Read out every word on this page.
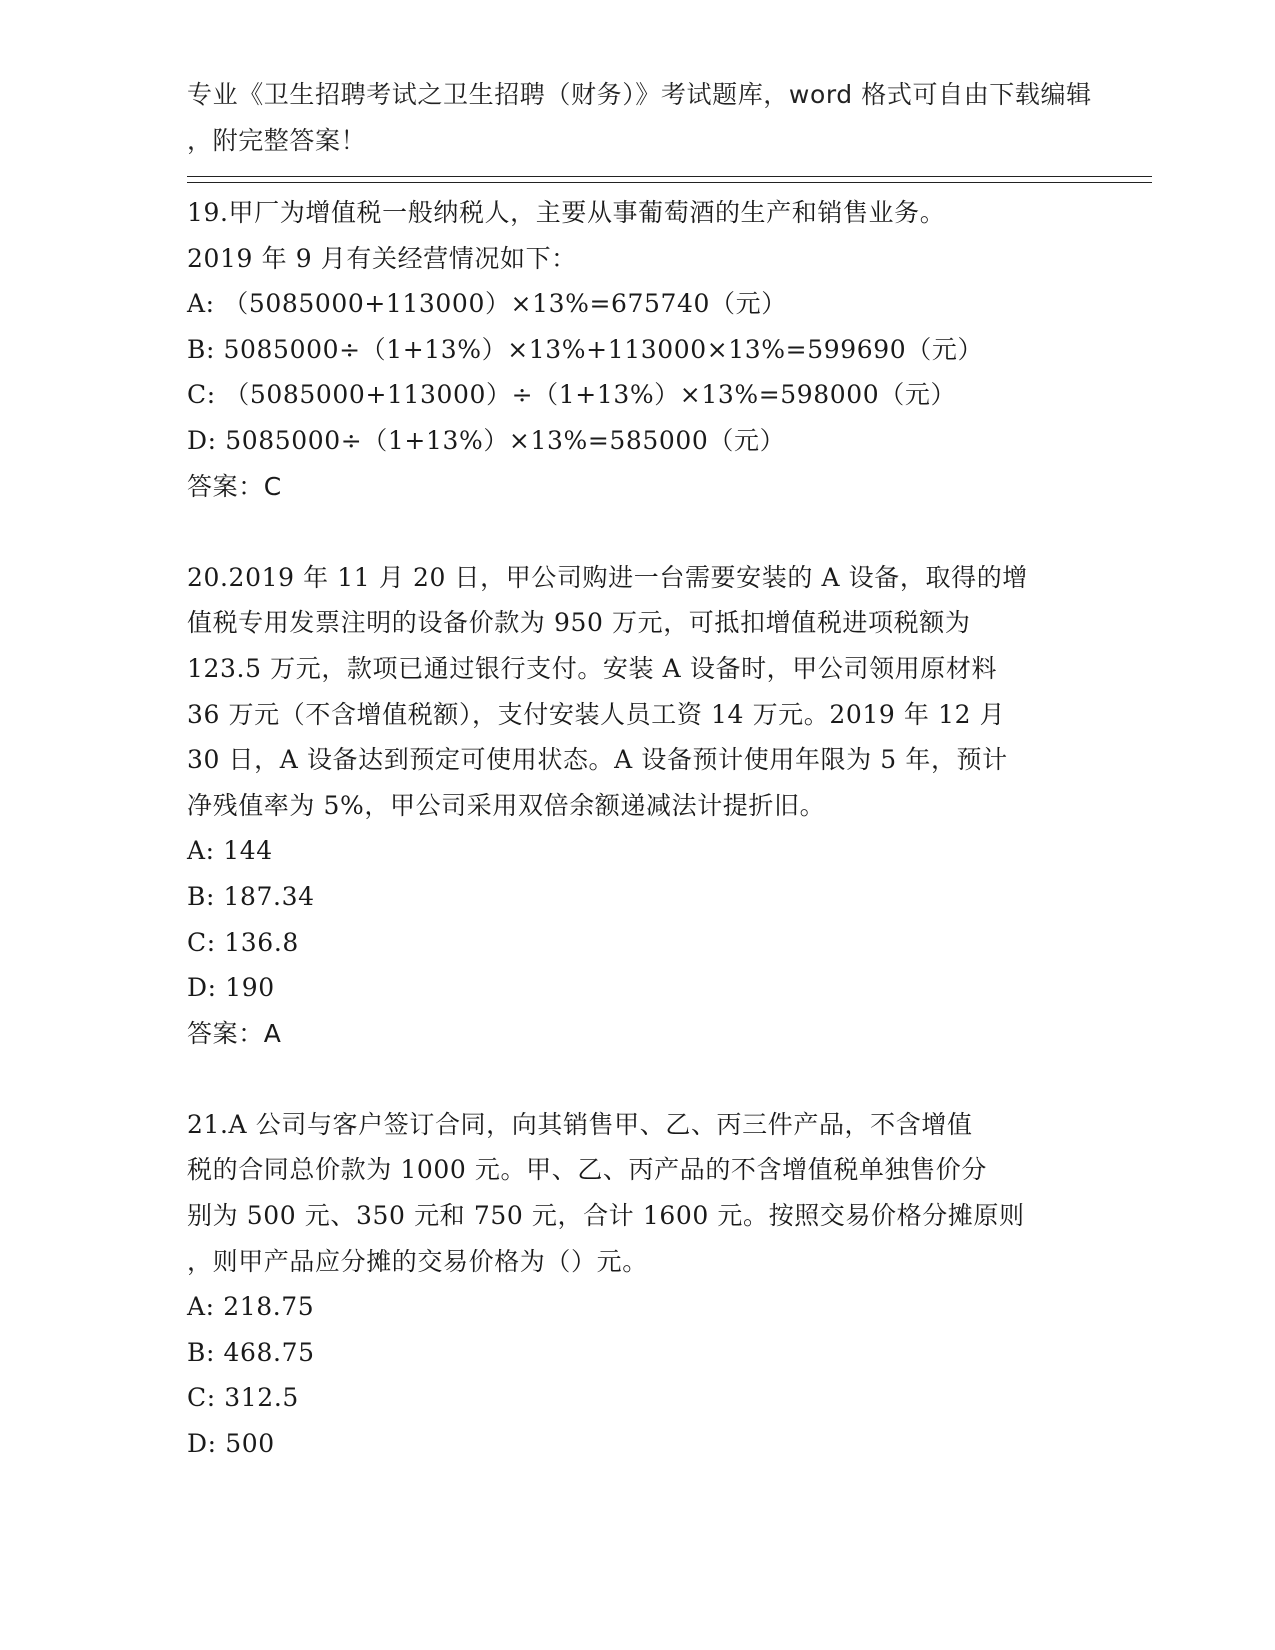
专业《卫生招聘考试之卫生招聘（财务）》考试题库，word 格式可自由下载编辑
，附完整答案！
19.甲厂为增值税一般纳税人，主要从事葡萄酒的生产和销售业务。
2019 年 9 月有关经营情况如下：
A: （5085000+113000）×13%=675740（元）
B: 5085000÷（1+13%）×13%+113000×13%=599690（元）
C: （5085000+113000）÷（1+13%）×13%=598000（元）
D: 5085000÷（1+13%）×13%=585000（元）
答案：C
20.2019 年 11 月 20 日，甲公司购进一台需要安装的 A 设备，取得的增
值税专用发票注明的设备价款为 950 万元，可抵扣增值税进项税额为
123.5 万元，款项已通过银行支付。安装 A 设备时，甲公司领用原材料
36 万元（不含增值税额），支付安装人员工资 14 万元。2019 年 12 月
30 日，A 设备达到预定可使用状态。A 设备预计使用年限为 5 年，预计
净残值率为 5%，甲公司采用双倍余额递减法计提折旧。
A: 144
B: 187.34
C: 136.8
D: 190
答案：A
21.A 公司与客户签订合同，向其销售甲、乙、丙三件产品，不含增值
税的合同总价款为 1000 元。甲、乙、丙产品的不含增值税单独售价分
别为 500 元、350 元和 750 元，合计 1600 元。按照交易价格分摊原则
，则甲产品应分摊的交易价格为（）元。
A: 218.75
B: 468.75
C: 312.5
D: 500
